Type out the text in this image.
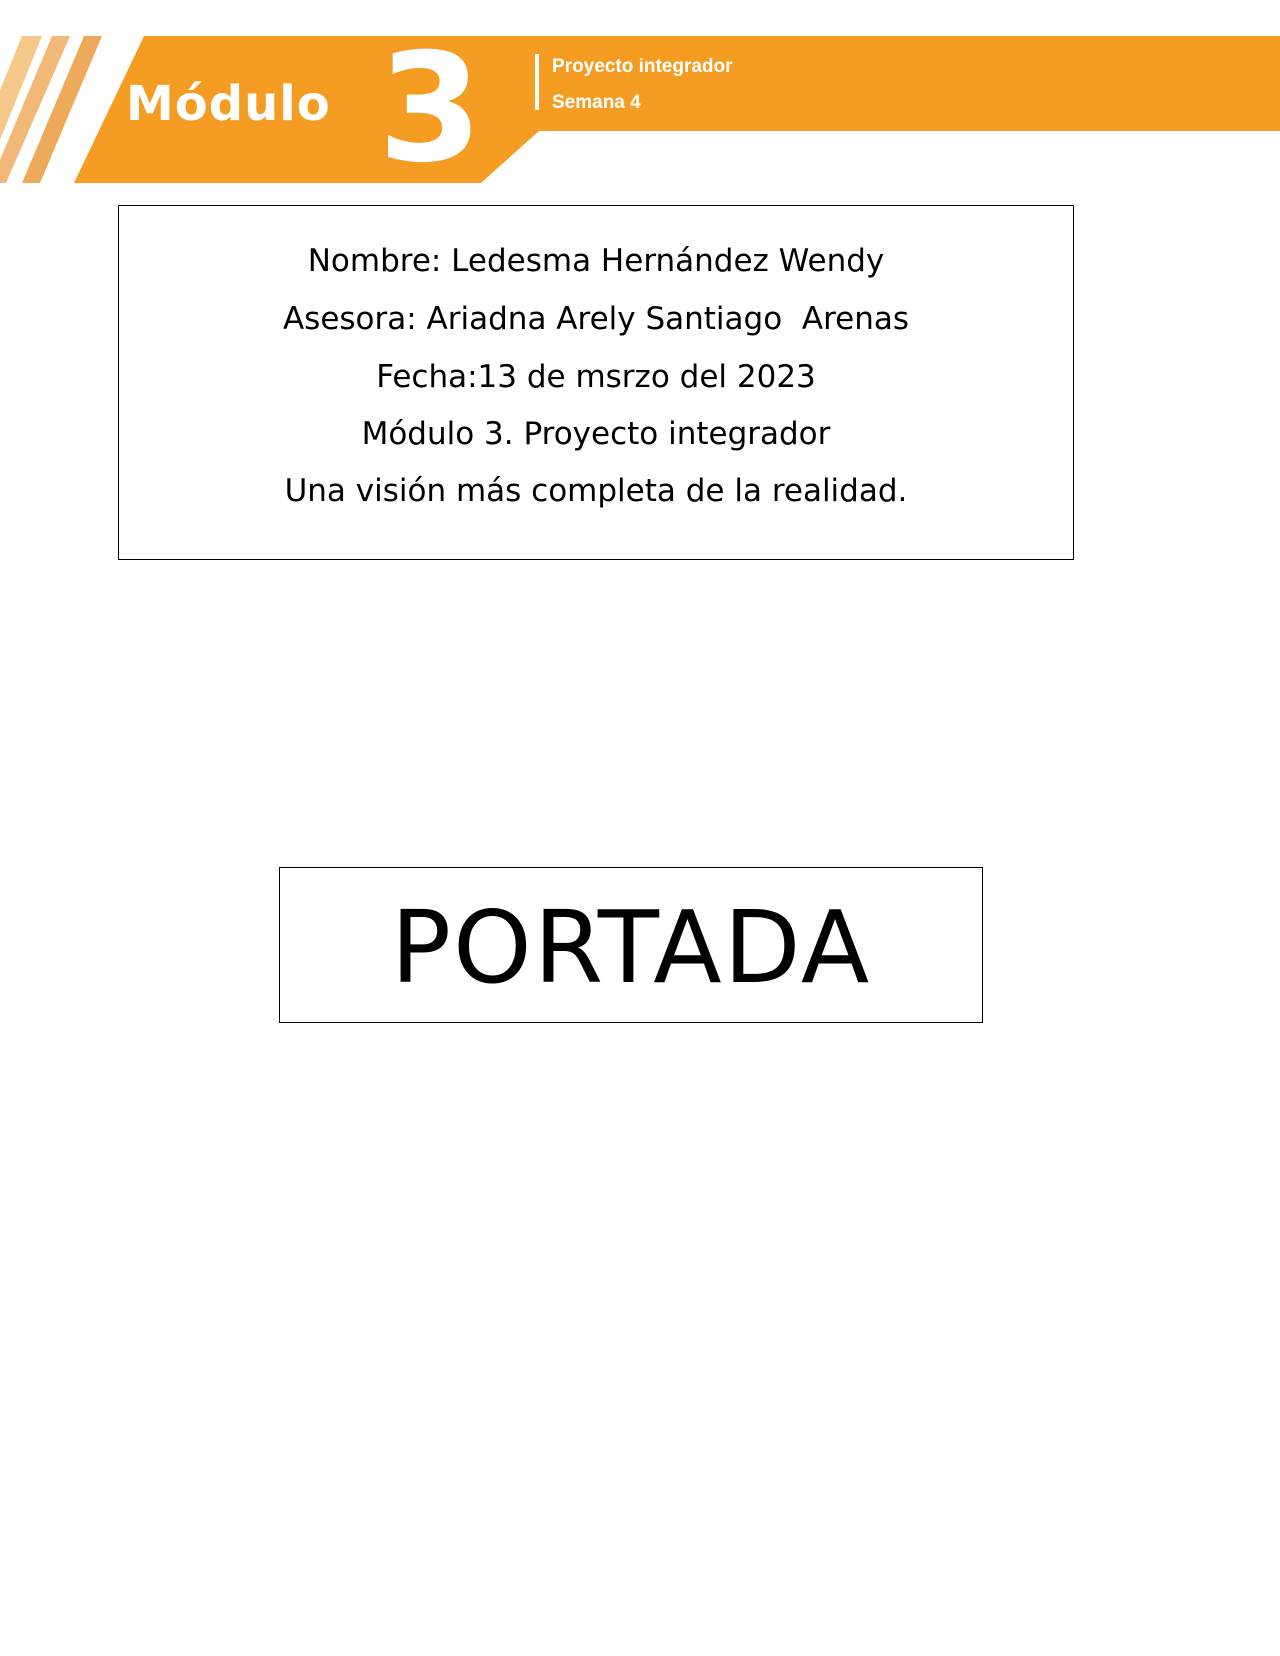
Módulo 3	Proyecto integrador
Semana 4
Nombre: Ledesma Hernández Wendy
Asesora: Ariadna Arely Santiago  Arenas
Fecha:13 de msrzo del 2023
Módulo 3. Proyecto integrador
Una visión más completa de la realidad.
PORTADA
